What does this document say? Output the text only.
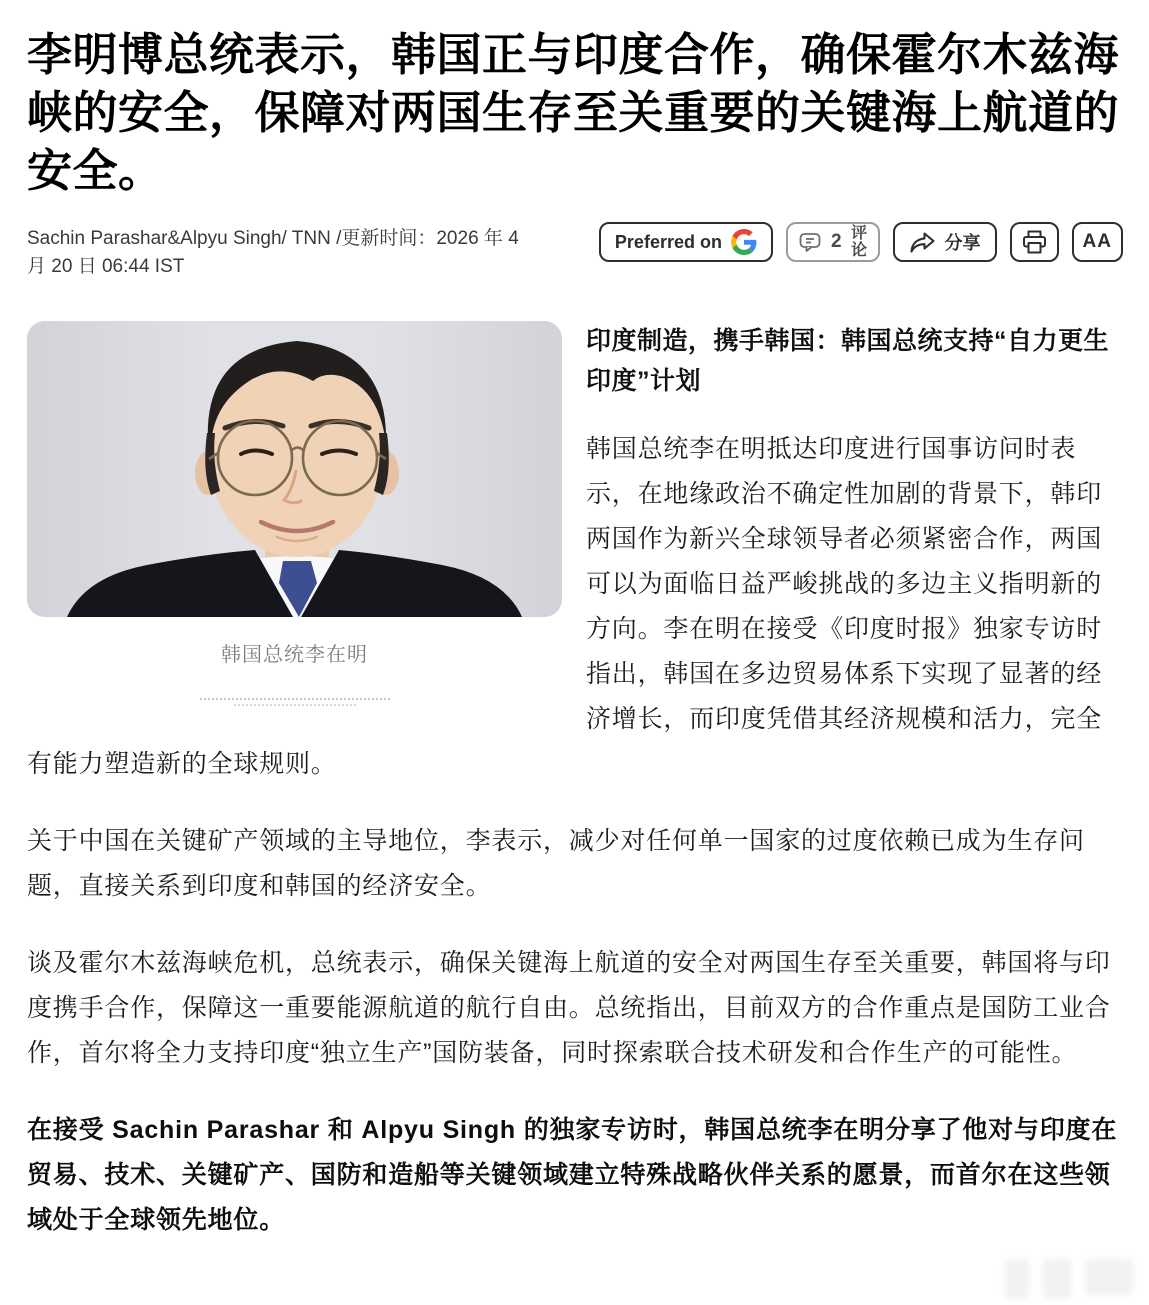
李明博总统表示，韩国正与印度合作，确保霍尔木兹海峡的安全，保障对两国生存至关重要的关键海上航道的安全。
Sachin Parashar&Alpyu Singh/ TNN /更新时间：2026 年 4 月 20 日 06:44 IST
Preferred on	2 评论	分享	AA
韩国总统李在明
印度制造，携手韩国：韩国总统支持“自力更生印度”计划

韩国总统李在明抵达印度进行国事访问时表示，在地缘政治不确定性加剧的背景下，韩印两国作为新兴全球领导者必须紧密合作，两国可以为面临日益严峻挑战的多边主义指明新的方向。李在明在接受《印度时报》独家专访时指出，韩国在多边贸易体系下实现了显著的经济增长，而印度凭借其经济规模和活力，完全有能力塑造新的全球规则。

关于中国在关键矿产领域的主导地位，李表示，减少对任何单一国家的过度依赖已成为生存问题，直接关系到印度和韩国的经济安全。

谈及霍尔木兹海峡危机，总统表示，确保关键海上航道的安全对两国生存至关重要，韩国将与印度携手合作，保障这一重要能源航道的航行自由。总统指出，目前双方的合作重点是国防工业合作，首尔将全力支持印度“独立生产”国防装备，同时探索联合技术研发和合作生产的可能性。

在接受 Sachin Parashar 和 Alpyu Singh 的独家专访时，韩国总统李在明分享了他对与印度在贸易、技术、关键矿产、国防和造船等关键领域建立特殊战略伙伴关系的愿景，而首尔在这些领域处于全球领先地位。
